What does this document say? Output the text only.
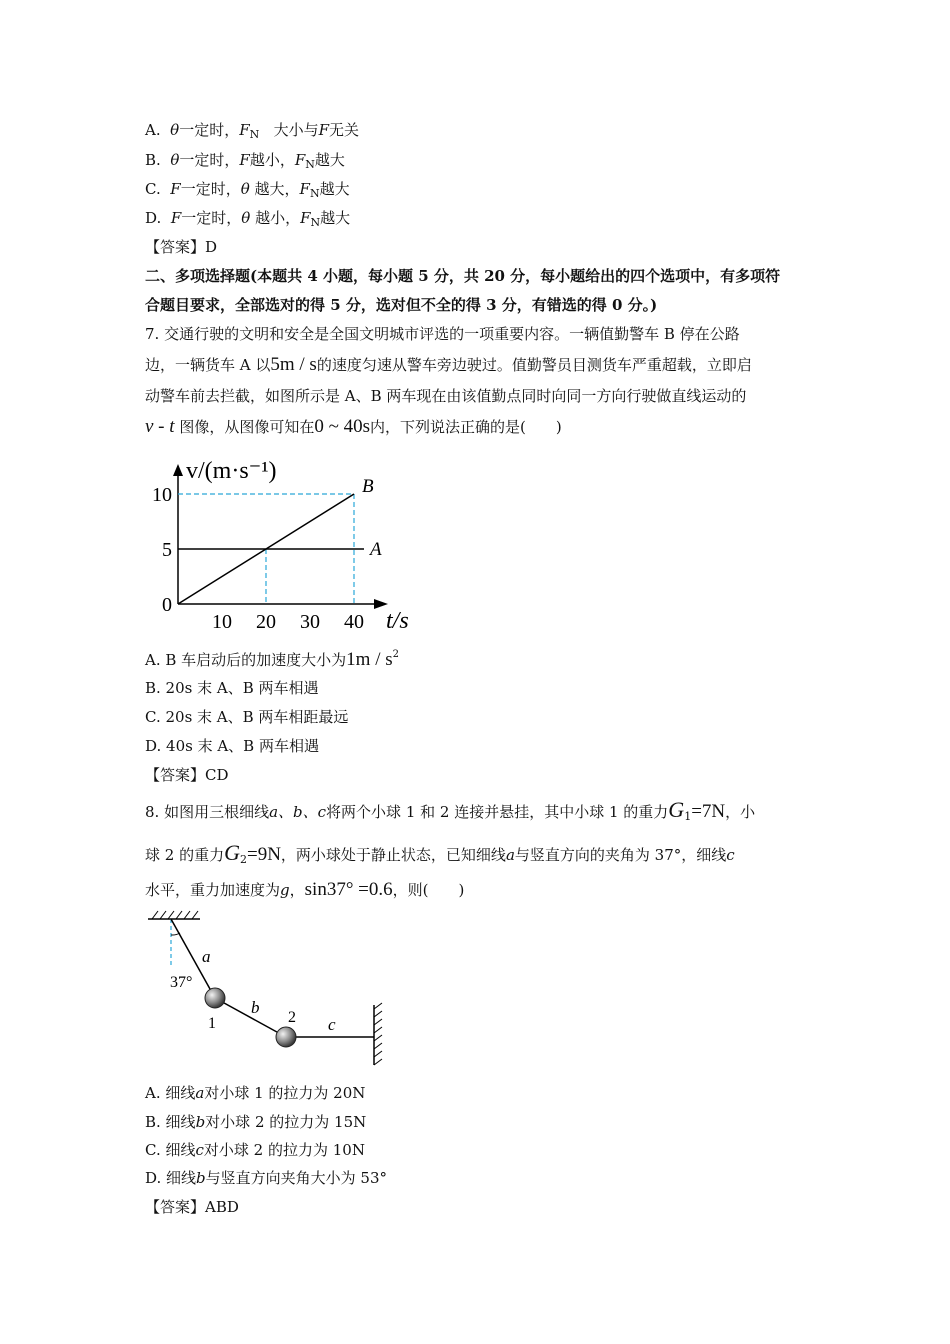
A. θ一定时，$F_N$ 大小与F无关
B. θ一定时，F越小，$F_N$越大
C. F一定时，θ 越大，$F_N$越大
D. F一定时，θ 越小，$F_N$越大
【答案】D
二、多项选择题(本题共 4 小题，每小题 5 分，共 20 分，每小题给出的四个选项中，有多项符
合题目要求，全部选对的得 5 分，选对但不全的得 3 分，有错选的得 0 分。)
7. 交通行驶的文明和安全是全国文明城市评选的一项重要内容。一辆值勤警车 B 停在公路
边，一辆货车 A 以5m / s的速度匀速从警车旁边驶过。值勤警员目测货车严重超载，立即启
动警车前去拦截，如图所示是 A、B 两车现在由该值勤点同时向同一方向行驶做直线运动的
v - t 图像，从图像可知在0 ~ 40s内，下列说法正确的是(　　)
A
B
10 20 30 40
5
10
0
v/(m·s⁻¹)
t/s
A. B 车启动后的加速度大小为$1m / s^2$
B. 20s 末 A、B 两车相遇
C. 20s 末 A、B 两车相距最远
D. 40s 末 A、B 两车相遇
【答案】CD
8. 如图用三根细线a、b、c将两个小球 1 和 2 连接并悬挂，其中小球 1 的重力$G_1=7N$，小
球 2 的重力$G_2=9N$，两小球处于静止状态，已知细线a与竖直方向的夹角为 37°，细线c
水平，重力加速度为g，sin37° =0.6，则(　　)
a
37°
1
b
2 c
A. 细线a对小球 1 的拉力为 20N
B. 细线b对小球 2 的拉力为 15N
C. 细线c对小球 2 的拉力为 10N
D. 细线b与竖直方向夹角大小为 53°
【答案】ABD
